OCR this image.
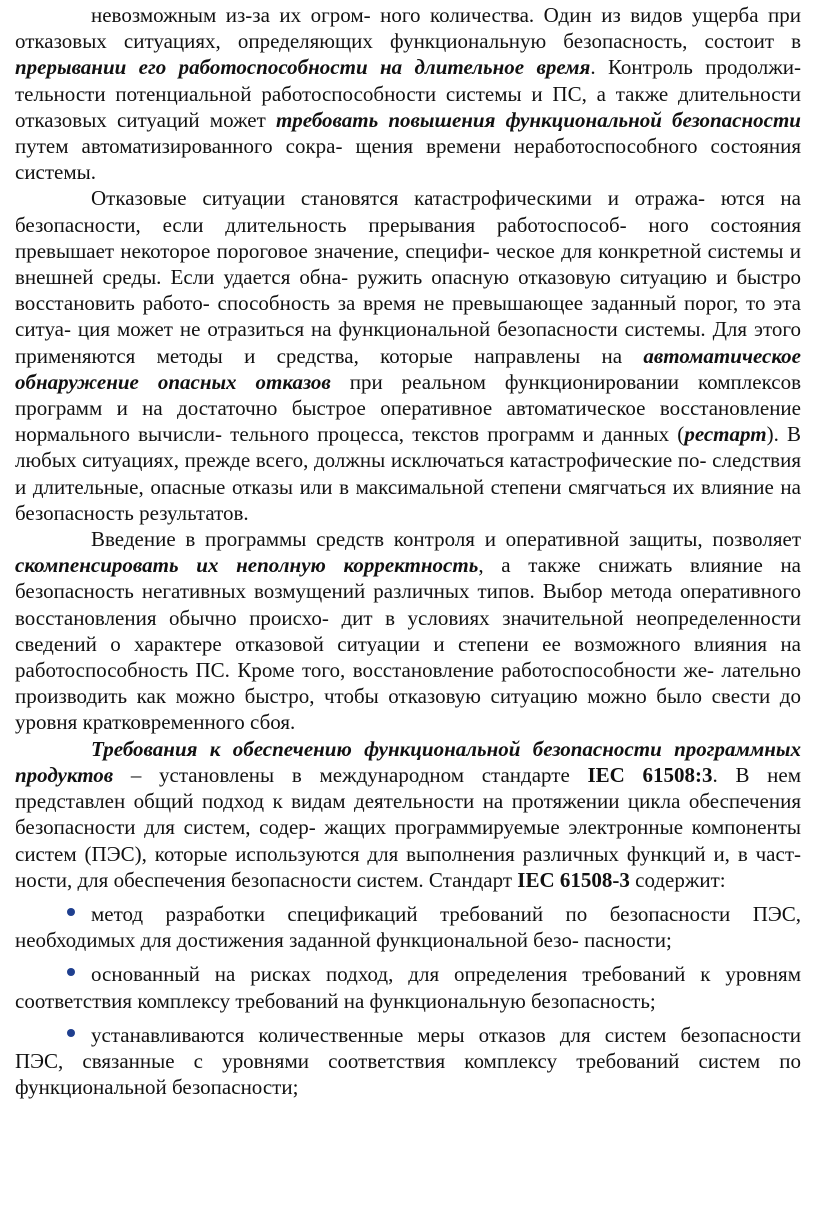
невозможным из-за их огром- ного количества. Один из видов ущерба при отказовых ситуациях, определяющих функциональную безопасность, состоит в прерывании его работоспособности на длительное время. Контроль продолжи- тельности потенциальной работоспособности системы и ПС, а также длительности отказовых ситуаций может требовать повышения функциональной безопасности путем автоматизированного сокра- щения времени неработоспособного состояния системы.

Отказовые ситуации становятся катастрофическими и отража- ются на безопасности, если длительность прерывания работоспособ- ного состояния превышает некоторое пороговое значение, специфи- ческое для конкретной системы и внешней среды. Если удается обна- ружить опасную отказовую ситуацию и быстро восстановить работо- способность за время не превышающее заданный порог, то эта ситуа- ция может не отразиться на функциональной безопасности системы. Для этого применяются методы и средства, которые направлены на автоматическое обнаружение опасных отказов при реальном функционировании комплексов программ и на достаточно быстрое оперативное автоматическое восстановление нормального вычисли- тельного процесса, текстов программ и данных (рестарт). В любых ситуациях, прежде всего, должны исключаться катастрофические по- следствия и длительные, опасные отказы или в максимальной степени смягчаться их влияние на безопасность результатов.

Введение в программы средств контроля и оперативной защиты, позволяет скомпенсировать их неполную корректность, а также снижать влияние на безопасность негативных возмущений различных типов. Выбор метода оперативного восстановления обычно происхо- дит в условиях значительной неопределенности сведений о характере отказовой ситуации и степени ее возможного влияния на работоспособность ПС. Кроме того, восстановление работоспособности же- лательно производить как можно быстро, чтобы отказовую ситуацию можно было свести до уровня кратковременного сбоя.

Требования к обеспечению функциональной безопасности программных продуктов – установлены в международном стандарте IEC 61508:3. В нем представлен общий подход к видам деятельности на протяжении цикла обеспечения безопасности для систем, содер- жащих программируемые электронные компоненты систем (ПЭС), которые используются для выполнения различных функций и, в част- ности, для обеспечения безопасности систем. Стандарт IEC 61508-3 содержит:

метод разработки спецификаций требований по безопасности ПЭС, необходимых для достижения заданной функциональной безо- пасности;

основанный на рисках подход, для определения требований к уровням соответствия комплексу требований на функциональную безопасность;

устанавливаются количественные меры отказов для систем безопасности ПЭС, связанные с уровнями соответствия комплексу требований систем по функциональной безопасности;
